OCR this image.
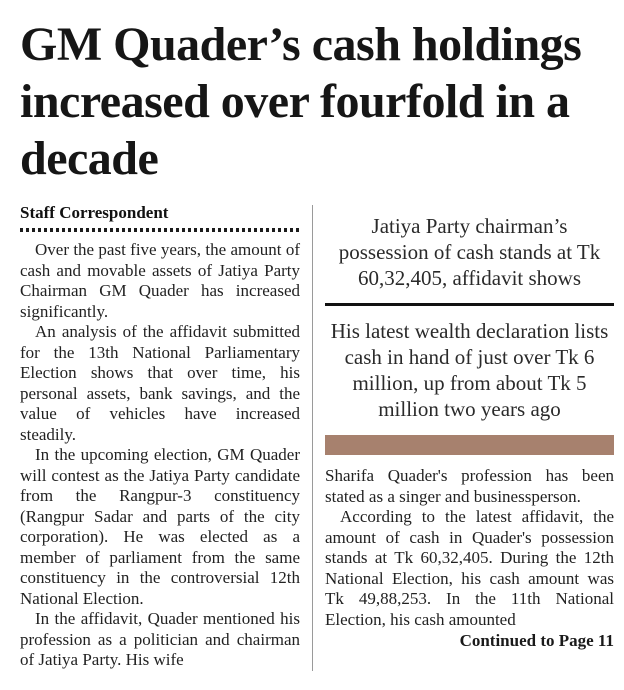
GM Quader’s cash holdings increased over fourfold in a decade
Staff Correspondent

Over the past five years, the amount of cash and movable assets of Jatiya Party Chairman GM Quader has increased significantly.

An analysis of the affidavit submitted for the 13th National Parliamentary Election shows that over time, his personal assets, bank savings, and the value of vehicles have increased steadily.

In the upcoming election, GM Quader will contest as the Jatiya Party candidate from the Rangpur-3 constituency (Rangpur Sadar and parts of the city corporation). He was elected as a member of parliament from the same constituency in the controversial 12th National Election.

In the affidavit, Quader mentioned his profession as a politician and chairman of Jatiya Party. His wife

Jatiya Party chairman’s possession of cash stands at Tk 60,32,405, affidavit shows
His latest wealth declaration lists cash in hand of just over Tk 6 million, up from about Tk 5 million two years ago

Sharifa Quader's profession has been stated as a singer and businessperson.

According to the latest affidavit, the amount of cash in Quader's possession stands at Tk 60,32,405. During the 12th National Election, his cash amount was Tk 49,88,253. In the 11th National Election, his cash amounted

Continued to Page 11
